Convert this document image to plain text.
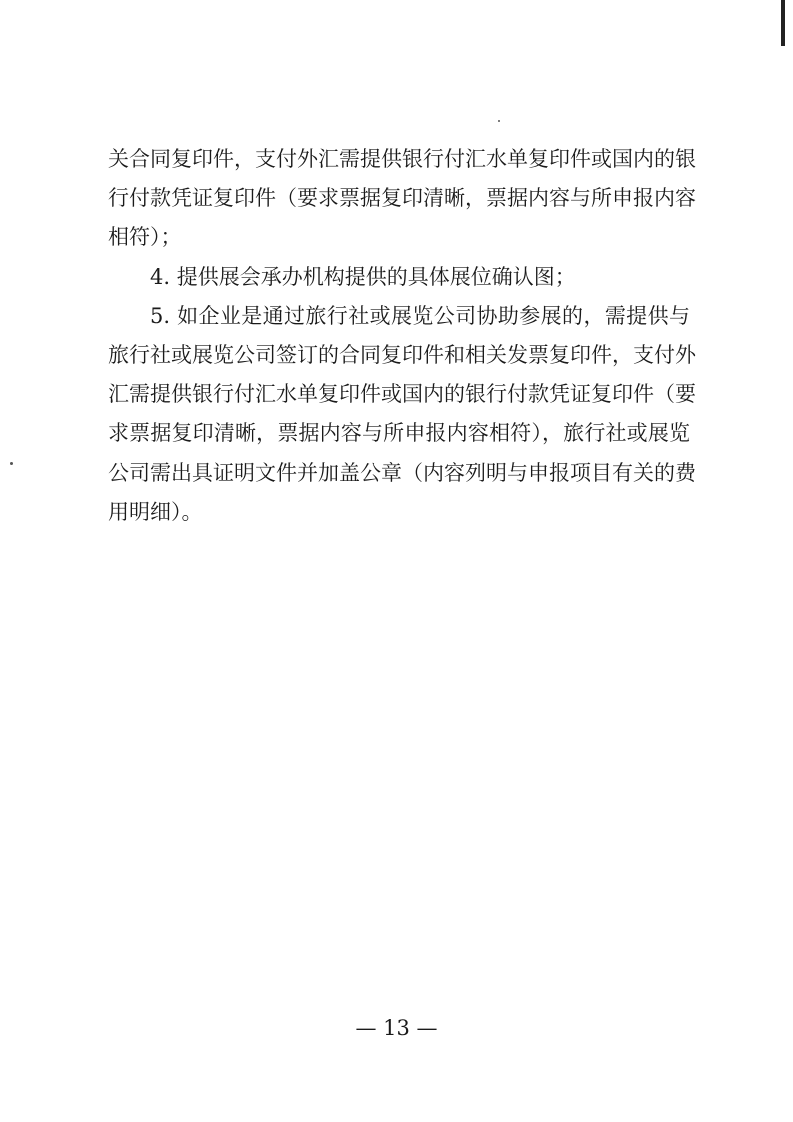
关合同复印件，支付外汇需提供银行付汇水单复印件或国内的银
行付款凭证复印件（要求票据复印清晰，票据内容与所申报内容
相符）；
4. 提供展会承办机构提供的具体展位确认图；
5. 如企业是通过旅行社或展览公司协助参展的，需提供与
旅行社或展览公司签订的合同复印件和相关发票复印件，支付外
汇需提供银行付汇水单复印件或国内的银行付款凭证复印件（要
求票据复印清晰，票据内容与所申报内容相符），旅行社或展览
公司需出具证明文件并加盖公章（内容列明与申报项目有关的费
用明细）。
— 13 —
